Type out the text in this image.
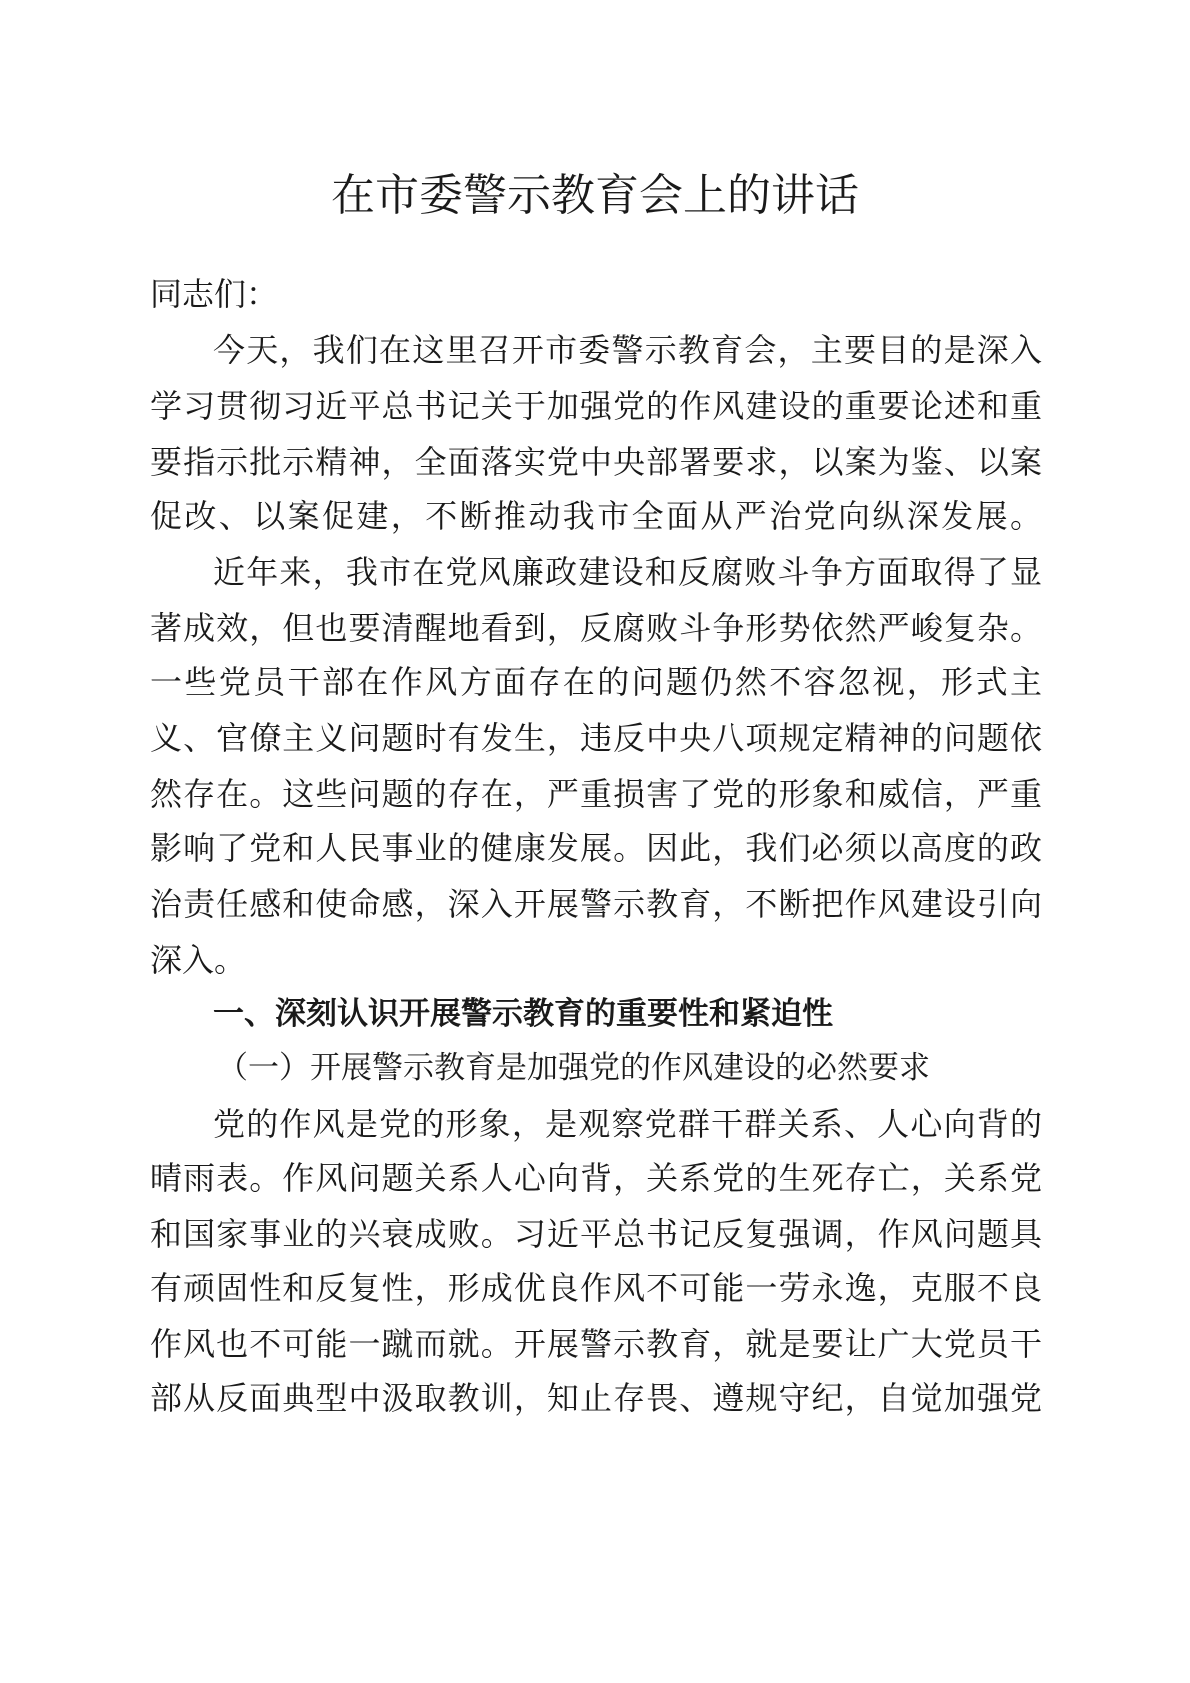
在市委警示教育会上的讲话

同志们：

今天，我们在这里召开市委警示教育会，主要目的是深入

学习贯彻习近平总书记关于加强党的作风建设的重要论述和重

要指示批示精神，全面落实党中央部署要求，以案为鉴、以案

促改、以案促建，不断推动我市全面从严治党向纵深发展。

近年来，我市在党风廉政建设和反腐败斗争方面取得了显

著成效，但也要清醒地看到，反腐败斗争形势依然严峻复杂。

一些党员干部在作风方面存在的问题仍然不容忽视，形式主

义、官僚主义问题时有发生，违反中央八项规定精神的问题依

然存在。这些问题的存在，严重损害了党的形象和威信，严重

影响了党和人民事业的健康发展。因此，我们必须以高度的政

治责任感和使命感，深入开展警示教育，不断把作风建设引向

深入。

一、深刻认识开展警示教育的重要性和紧迫性

（一）开展警示教育是加强党的作风建设的必然要求

党的作风是党的形象，是观察党群干群关系、人心向背的

晴雨表。作风问题关系人心向背，关系党的生死存亡，关系党

和国家事业的兴衰成败。习近平总书记反复强调，作风问题具

有顽固性和反复性，形成优良作风不可能一劳永逸，克服不良

作风也不可能一蹴而就。开展警示教育，就是要让广大党员干

部从反面典型中汲取教训，知止存畏、遵规守纪，自觉加强党
